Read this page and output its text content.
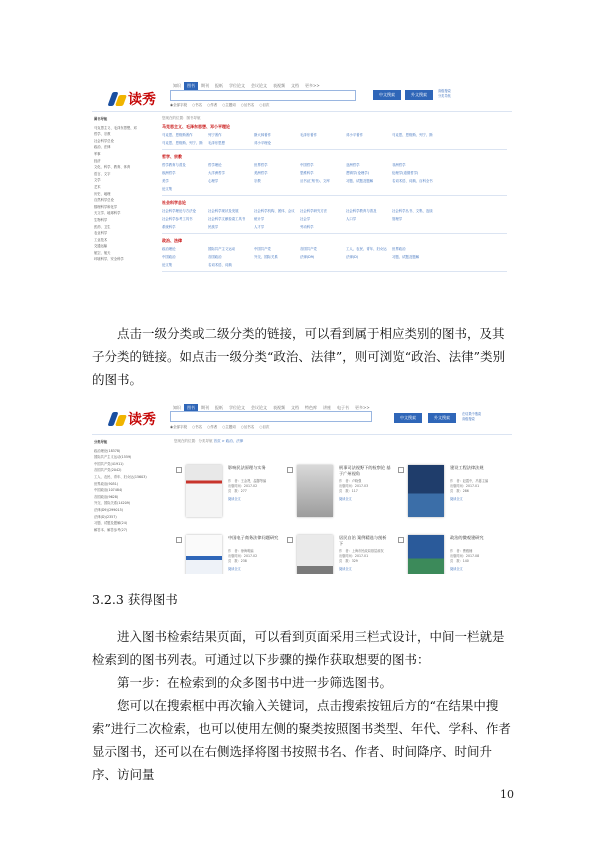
读秀
知识	图书	期刊	报纸	学位论文	会议论文	表视频	文档	更多>>
中文搜索	外文搜索
高级搜索
分类导航
◉全部字段 ○书名 ○作者 ○主题词 ○丛书名 ○目次
图书导航
马克思主义、毛泽东思想、邓
哲学、宗教
社会科学总论
政治、法律
军事
经济
文化、科学、教育、体育
语言、文字
文学
艺术
历史、地理
自然科学总论
数理科学和化学
天文学、地球科学
生物科学
医药、卫生
农业科学
工业技术
交通运输
航空、航天
环境科学、安全科学
您现在的位置：图书导航
马克思主义、毛泽东思想、邓小平理论
马克思、恩格斯著作	列宁著作	斯大林著作	毛泽东著作	邓小平著作	马克思、恩格斯、列宁、斯
马克思、恩格斯、列宁、斯	毛泽东思想	邓小平理论
哲学、宗教
哲学教育与普及	哲学理论	世界哲学	中国哲学	亚洲哲学	非洲哲学
欧洲哲学	大洋洲哲学	美洲哲学	思维科学	逻辑学(论理学)	伦理学(道德哲学)
美学	心理学	宗教	丛书(汇刻书)、文库	习题、试题及题解	名词术语、词典、百科全书
论文集
社会科学总论
社会科学理论与方法论	社会科学现状及发展	社会科学机构、团体、会议	社会科学研究方法	社会科学教育与普及	社会科学丛书、文集、连续
社会科学参考工具书	社会科学文献检索工具书	统计学	社会学	人口学	管理学
系统科学	民族学	人才学	劳动科学
政治、法律
政治理论	国际共产主义运动	中国共产党	各国共产党	工人、农民、青年、妇女运	世界政治
中国政治	各国政治	外交、国际关系	法律(D9)	法律(D)	习题、试题及题解
论文集	名词术语、词典
点击一级分类或二级分类的链接，可以看到属于相应类别的图书，及其子分类的链接。如点击一级分类“政治、法律”，则可浏览“政治、法律”类别的图书。
读秀
知识	图书	期刊	报纸	学位论文	会议论文	表视频	文档	特色库	讲座	电子书	更多>>
中文搜索	外文搜索
在结果中搜索
高级搜索
◉全部字段 ○书名 ○作者 ○主题词 ○丛书名 ○目次
分类导航
政治理论(18378)
国际共产主义运动(1559)
中国共产党(41911)
各国共产党(2042)
工人、农民、青年、妇女运(15603)
世界政治(9051)
中国政治(107484)
各国政治(9628)
外交、国际关系(14209)
法律(D9)(299015)
法律(D)(2357)
习题、试题及题解(24)
解答本、解答参考(27)
您现在的位置：分类导航 首页 > 政治、法律
影响民法原理与实务
作　者：王金贤，温馨等编
出版时间：2017.02
页　数：277
阅读全文
刑事司法视野下的检察论 基于广州视角
作　者：卢晓强
出版时间：2017.03
页　数：117
阅读全文
建设工程法律法规
作　者：赵霞中，冯蔓主编
出版时间：2017.01
页　数：286
阅读全文
中国电子商务法律问题研究
作　者：徐海明编
出版时间：2017.02
页　数：238
阅读全文
居民自治 案例精选与剖析 下
作　者：上海市民政局基层政权
出版时间：2017.01
页　数：329
阅读全文
政治的微观建研究
作　者：曹雅楠
出版时间：2017.08
页　数：140
阅读全文
3.2.3 获得图书
进入图书检索结果页面，可以看到页面采用三栏式设计，中间一栏就是检索到的图书列表。可通过以下步骤的操作获取想要的图书：
第一步：在检索到的众多图书中进一步筛选图书。
您可以在搜索框中再次输入关键词，点击搜索按钮后方的“在结果中搜索”进行二次检索，也可以使用左侧的聚类按照图书类型、年代、学科、作者显示图书，还可以在右侧选择将图书按照书名、作者、时间降序、时间升序、访问量
10
